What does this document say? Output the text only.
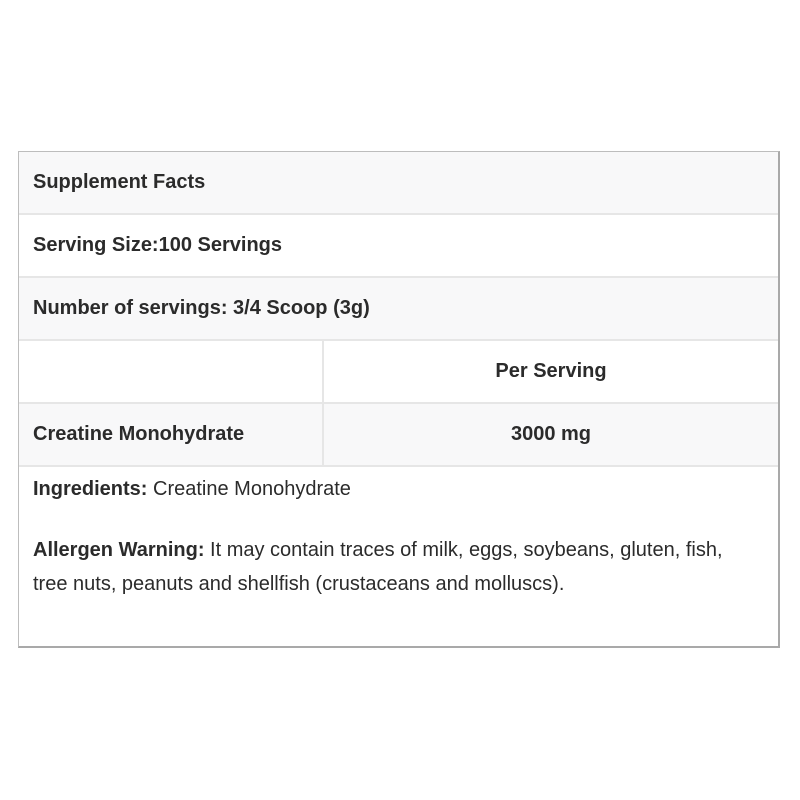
Supplement Facts
Serving Size:100 Servings
Number of servings: 3/4 Scoop (3g)
Per Serving
Creatine Monohydrate	3000 mg

Ingredients: Creatine Monohydrate

Allergen Warning: It may contain traces of milk, eggs, soybeans, gluten, fish, tree nuts, peanuts and shellfish (crustaceans and molluscs).
